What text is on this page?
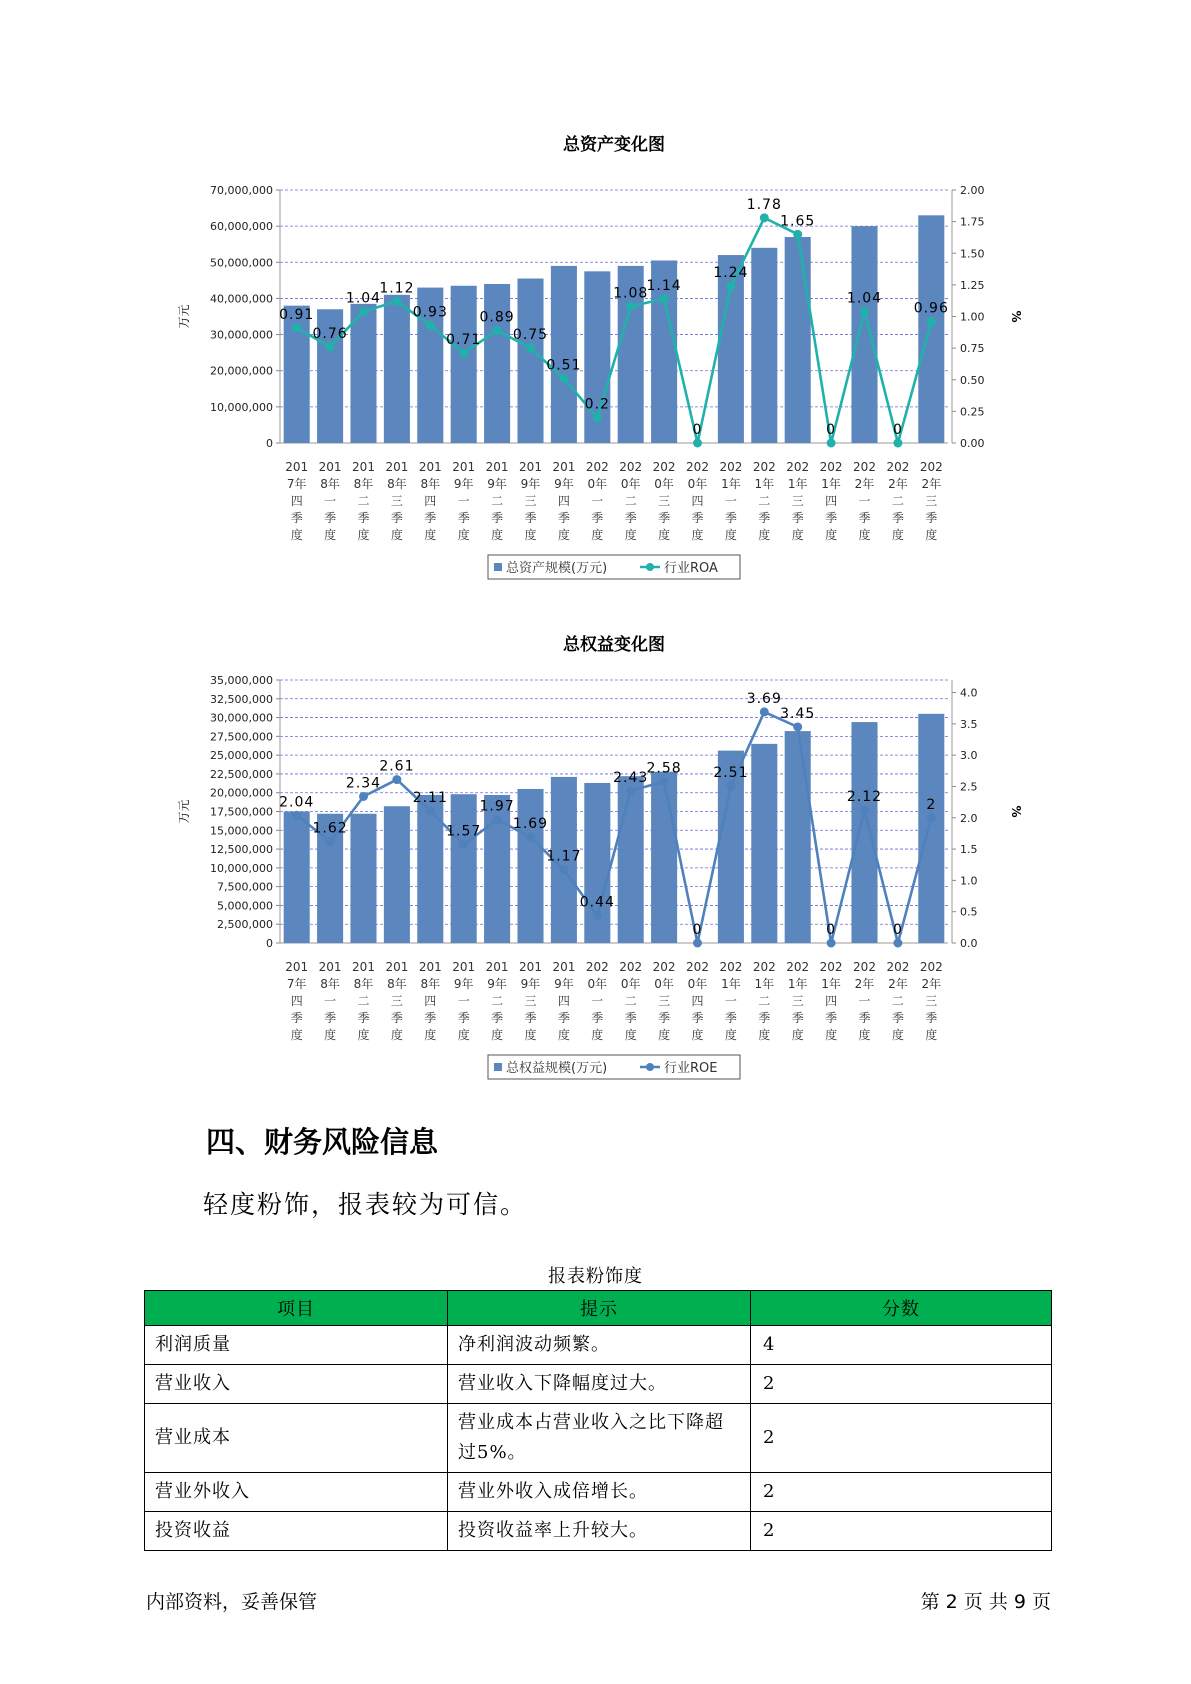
总资产变化图
0
10,000,000
20,000,000
30,000,000
40,000,000
50,000,000
60,000,000
70,000,000
0.00
0.25
0.50
0.75
1.00
1.25
1.50
1.75
2.00
万元	%
0.91
0.76
1.04
1.12
0.93
0.71
0.89
0.75
0.51
0.2
1.08
1.14
0
1.24
1.78
1.65
0
1.04
0
0.96
201
7年
四
季
度
201
8年
一
季
度
201
8年
二
季
度
201
8年
三
季
度
201
8年
四
季
度
201
9年
一
季
度
201
9年
二
季
度
201
9年
三
季
度
201
9年
四
季
度
202
0年
一
季
度
202
0年
二
季
度
202
0年
三
季
度
202
0年
四
季
度
202
1年
一
季
度
202
1年
二
季
度
202
1年
三
季
度
202
1年
四
季
度
202
2年
一
季
度
202
2年
二
季
度
202
2年
三
季
度
总资产规模(万元)	行业ROA
总权益变化图
0
2,500,000
5,000,000
7,500,000
10,000,000
12,500,000
15,000,000
17,500,000
20,000,000
22,500,000
25,000,000
27,500,000
30,000,000
32,500,000
35,000,000
0.0
0.5
1.0
1.5
2.0
2.5
3.0
3.5
4.0
万元	%
2.04
1.62
2.34
2.61
2.11
1.57
1.97
1.69
1.17
0.44
2.43
2.58
0
2.51
3.69
3.45
0
2.12
0
2
201
7年
四
季
度
201
8年
一
季
度
201
8年
二
季
度
201
8年
三
季
度
201
8年
四
季
度
201
9年
一
季
度
201
9年
二
季
度
201
9年
三
季
度
201
9年
四
季
度
202
0年
一
季
度
202
0年
二
季
度
202
0年
三
季
度
202
0年
四
季
度
202
1年
一
季
度
202
1年
二
季
度
202
1年
三
季
度
202
1年
四
季
度
202
2年
一
季
度
202
2年
二
季
度
202
2年
三
季
度
总权益规模(万元)	行业ROE
四、财务风险信息

轻度粉饰，报表较为可信。

报表粉饰度

项目	提示	分数
利润质量	净利润波动频繁。	4
营业收入	营业收入下降幅度过大。	2
营业成本	营业成本占营业收入之比下降超过5%。	2
营业外收入	营业外收入成倍增长。	2
投资收益	投资收益率上升较大。	2

内部资料，妥善保管	第 2 页 共 9 页
